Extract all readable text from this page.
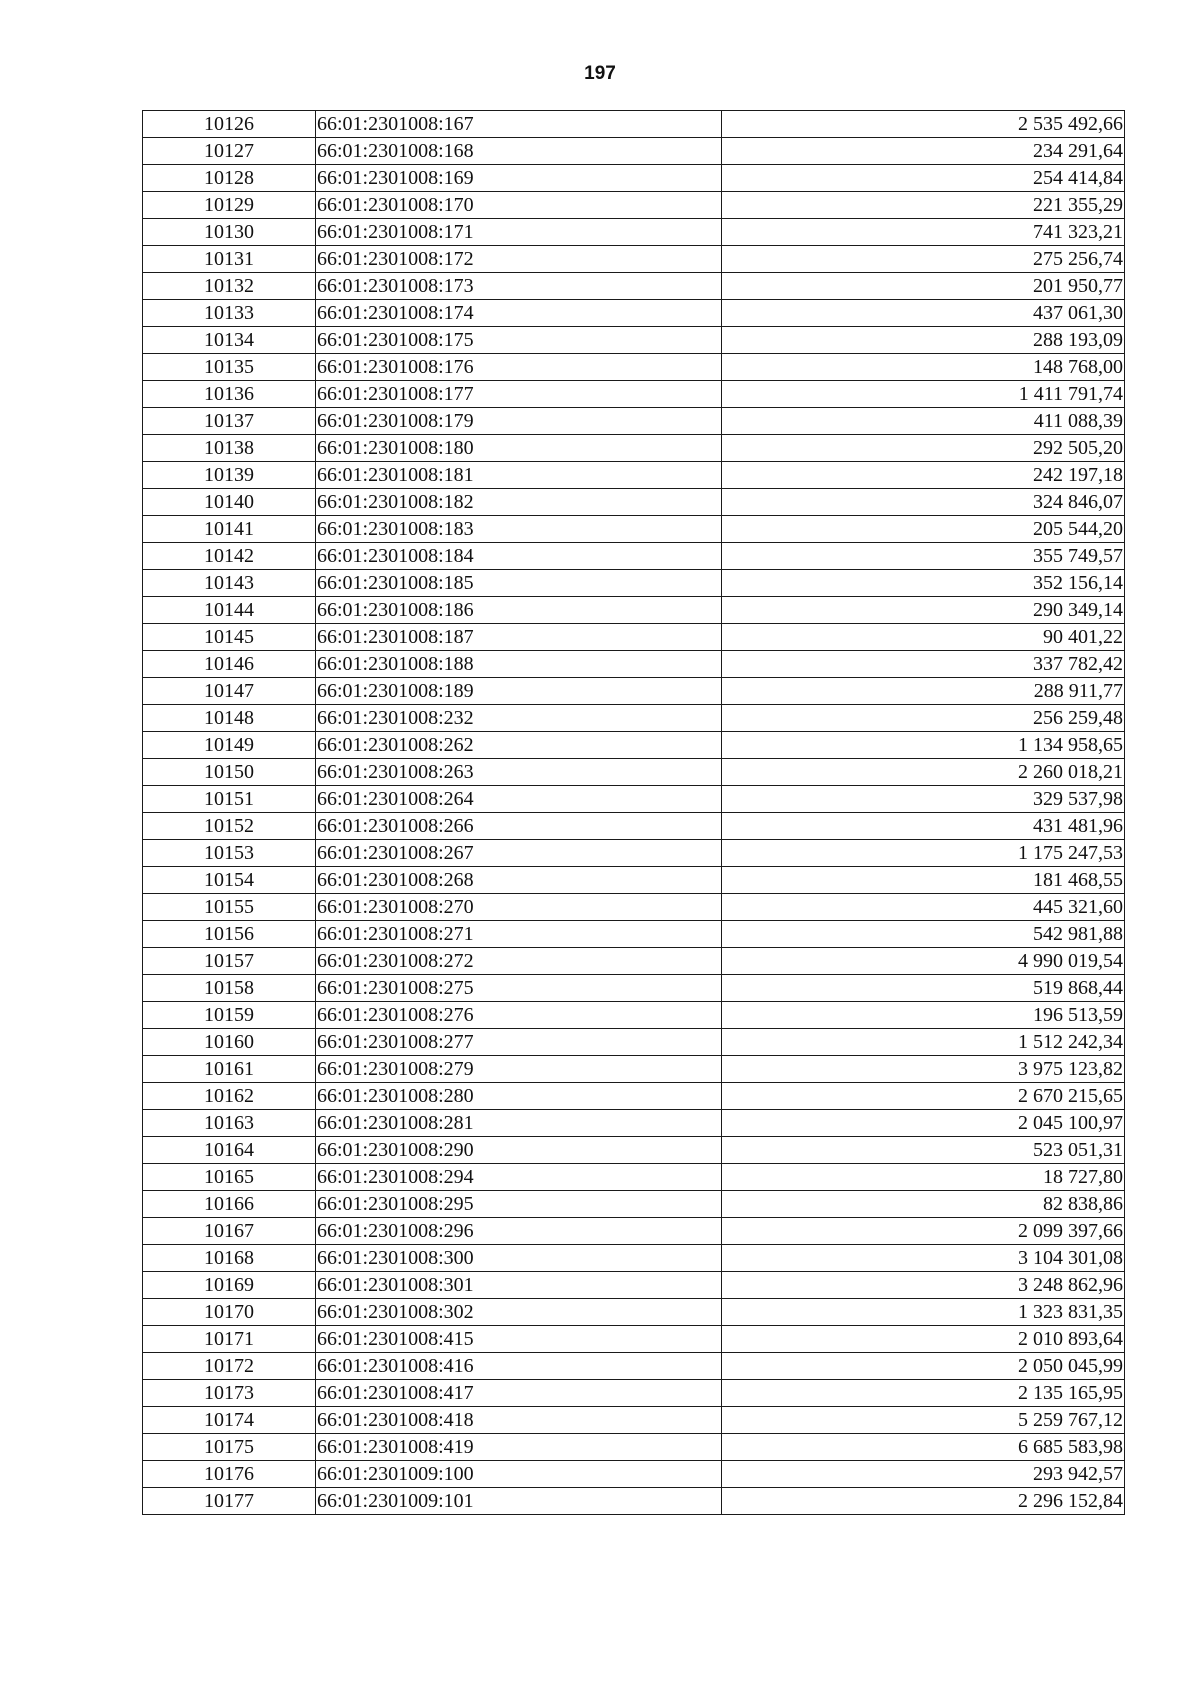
197
10126	66:01:2301008:167	2 535 492,66
10127	66:01:2301008:168	234 291,64
10128	66:01:2301008:169	254 414,84
10129	66:01:2301008:170	221 355,29
10130	66:01:2301008:171	741 323,21
10131	66:01:2301008:172	275 256,74
10132	66:01:2301008:173	201 950,77
10133	66:01:2301008:174	437 061,30
10134	66:01:2301008:175	288 193,09
10135	66:01:2301008:176	148 768,00
10136	66:01:2301008:177	1 411 791,74
10137	66:01:2301008:179	411 088,39
10138	66:01:2301008:180	292 505,20
10139	66:01:2301008:181	242 197,18
10140	66:01:2301008:182	324 846,07
10141	66:01:2301008:183	205 544,20
10142	66:01:2301008:184	355 749,57
10143	66:01:2301008:185	352 156,14
10144	66:01:2301008:186	290 349,14
10145	66:01:2301008:187	90 401,22
10146	66:01:2301008:188	337 782,42
10147	66:01:2301008:189	288 911,77
10148	66:01:2301008:232	256 259,48
10149	66:01:2301008:262	1 134 958,65
10150	66:01:2301008:263	2 260 018,21
10151	66:01:2301008:264	329 537,98
10152	66:01:2301008:266	431 481,96
10153	66:01:2301008:267	1 175 247,53
10154	66:01:2301008:268	181 468,55
10155	66:01:2301008:270	445 321,60
10156	66:01:2301008:271	542 981,88
10157	66:01:2301008:272	4 990 019,54
10158	66:01:2301008:275	519 868,44
10159	66:01:2301008:276	196 513,59
10160	66:01:2301008:277	1 512 242,34
10161	66:01:2301008:279	3 975 123,82
10162	66:01:2301008:280	2 670 215,65
10163	66:01:2301008:281	2 045 100,97
10164	66:01:2301008:290	523 051,31
10165	66:01:2301008:294	18 727,80
10166	66:01:2301008:295	82 838,86
10167	66:01:2301008:296	2 099 397,66
10168	66:01:2301008:300	3 104 301,08
10169	66:01:2301008:301	3 248 862,96
10170	66:01:2301008:302	1 323 831,35
10171	66:01:2301008:415	2 010 893,64
10172	66:01:2301008:416	2 050 045,99
10173	66:01:2301008:417	2 135 165,95
10174	66:01:2301008:418	5 259 767,12
10175	66:01:2301008:419	6 685 583,98
10176	66:01:2301009:100	293 942,57
10177	66:01:2301009:101	2 296 152,84
